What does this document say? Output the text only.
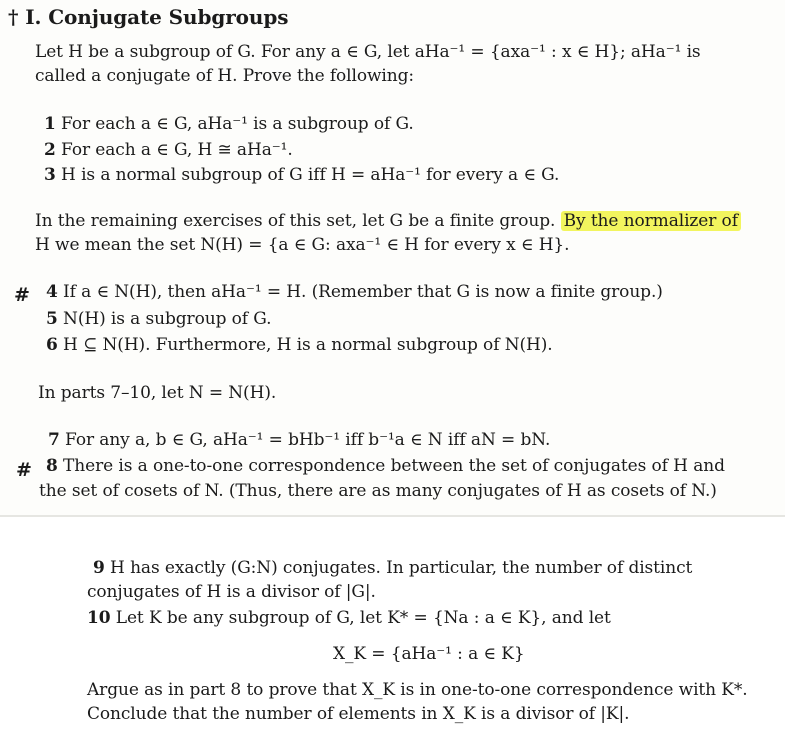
† I. Conjugate Subgroups
Let H be a subgroup of G. For any a ∈ G, let aHa⁻¹ = {axa⁻¹ : x ∈ H}; aHa⁻¹ is
called a conjugate of H. Prove the following:
1 For each a ∈ G, aHa⁻¹ is a subgroup of G.
2 For each a ∈ G, H ≅ aHa⁻¹.
3 H is a normal subgroup of G iff H = aHa⁻¹ for every a ∈ G.
In the remaining exercises of this set, let G be a finite group. By the normalizer of
H we mean the set N(H) = {a ∈ G: axa⁻¹ ∈ H for every x ∈ H}.
# 4 If a ∈ N(H), then aHa⁻¹ = H. (Remember that G is now a finite group.)
5 N(H) is a subgroup of G.
6 H ⊆ N(H). Furthermore, H is a normal subgroup of N(H).
In parts 7–10, let N = N(H).
7 For any a, b ∈ G, aHa⁻¹ = bHb⁻¹ iff b⁻¹a ∈ N iff aN = bN.
# 8 There is a one-to-one correspondence between the set of conjugates of H and
the set of cosets of N. (Thus, there are as many conjugates of H as cosets of N.)
9 H has exactly (G:N) conjugates. In particular, the number of distinct
conjugates of H is a divisor of |G|.
10 Let K be any subgroup of G, let K* = {Na : a ∈ K}, and let
X_K = {aHa⁻¹ : a ∈ K}
Argue as in part 8 to prove that X_K is in one-to-one correspondence with K*.
Conclude that the number of elements in X_K is a divisor of |K|.
